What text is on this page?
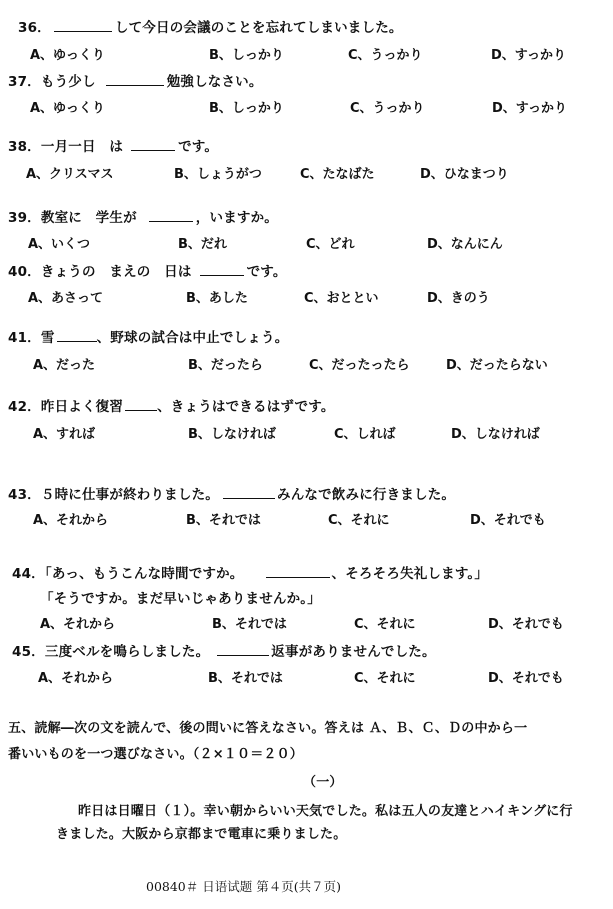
36．	して今日の会議のことを忘れてしまいました。
A、ゆっくり	B、しっかり	C、うっかり	D、すっかり
37．もう少し	勉強しなさい。
A、ゆっくり	B、しっかり	C、うっかり	D、すっかり
38．一月一日　は	です。
A、クリスマス	B、しょうがつ	C、たなばた	D、ひなまつり
39．教室に　学生が	，いますか。
A、いくつ	B、だれ	C、どれ	D、なんにん
40．きょうの　まえの　日は	です。
A、あさって	B、あした	C、おととい	D、きのう
41．雪	、野球の試合は中止でしょう。
A、だった	B、だったら	C、だったったら	D、だったらない
42．昨日よく復習	、きょうはできるはずです。
A、すれば	B、しなければ	C、しれば	D、しなければ
43．５時に仕事が終わりました。	みんなで飲みに行きました。
A、それから	B、それでは	C、それに	D、それでも
44．「あっ、もうこんな時間ですか。	、そろそろ失礼します。」
「そうですか。まだ早いじゃありませんか。」
A、それから	B、それでは	C、それに	D、それでも
45．三度ベルを鳴らしました。	返事がありませんでした。
A、それから	B、それでは	C、それに	D、それでも
五、読解―次の文を読んで、後の問いに答えなさい。答えは Ａ、Ｂ、Ｃ、Ｄの中から一
番いいものを一つ選びなさい。（２×１０＝２０）
（一）
昨日は日曜日（１）。幸い朝からいい天気でした。私は五人の友達とハイキングに行
きました。大阪から京都まで電車に乗りました。
00840＃ 日语试题 第４页(共７页)
